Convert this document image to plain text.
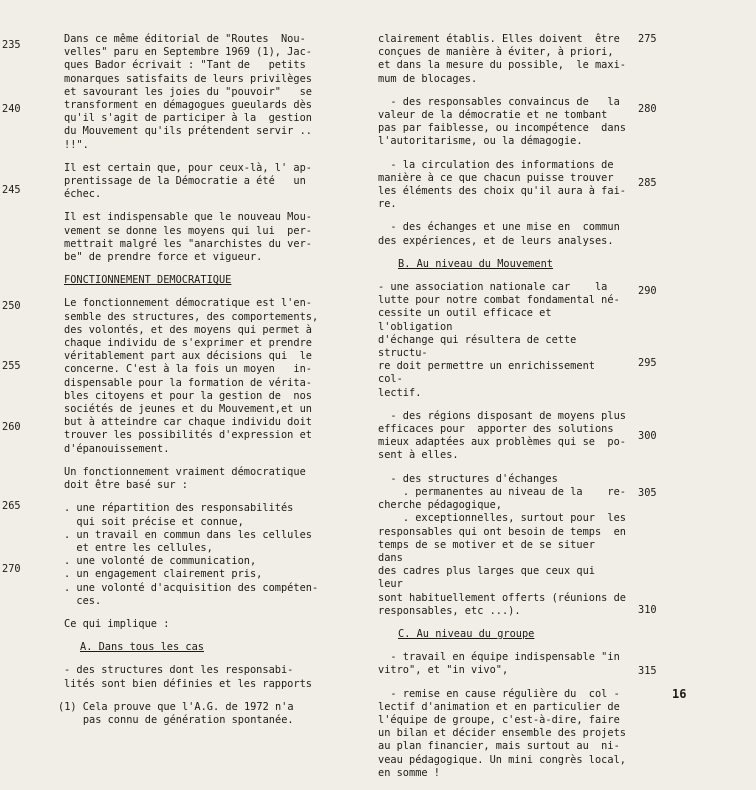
Dans ce même éditorial de "Routes  Nou-
velles" paru en Septembre 1969 (1), Jac-
ques Bador écrivait : "Tant de   petits
monarques satisfaits de leurs privilèges
et savourant les joies du "pouvoir"   se
transforment en démagogues gueulards dès
qu'il s'agit de participer à la  gestion
du Mouvement qu'ils prétendent servir ..
!!".

Il est certain que, pour ceux-là, l' ap-
prentissage de la Démocratie a été   un
échec.

Il est indispensable que le nouveau Mou-
vement se donne les moyens qui lui  per-
mettrait malgré les "anarchistes du ver-
be" de prendre force et vigueur.

FONCTIONNEMENT DEMOCRATIQUE

Le fonctionnement démocratique est l'en-
semble des structures, des comportements,
des volontés, et des moyens qui permet à
chaque individu de s'exprimer et prendre
véritablement part aux décisions qui  le
concerne. C'est à la fois un moyen   in-
dispensable pour la formation de vérita-
bles citoyens et pour la gestion de  nos
sociétés de jeunes et du Mouvement,et un
but à atteindre car chaque individu doit
trouver les possibilités d'expression et
d'épanouissement.

Un fonctionnement vraiment démocratique
doit être basé sur :

. une répartition des responsabilités
qui soit précise et connue,
. un travail en commun dans les cellules
et entre les cellules,
. une volonté de communication,
. un engagement clairement pris,
. une volonté d'acquisition des compéten-
ces.

Ce qui implique :

A. Dans tous les cas

- des structures dont les responsabi-
lités sont bien définies et les rapports

(1) Cela prouve que l'A.G. de 1972 n'a
pas connu de génération spontanée.

clairement établis. Elles doivent  être
conçues de manière à éviter, à priori,
et dans la mesure du possible,  le maxi-
mum de blocages.

- des responsables convaincus de   la
valeur de la démocratie et ne tombant
pas par faiblesse, ou incompétence  dans
l'autoritarisme, ou la démagogie.

- la circulation des informations de
manière à ce que chacun puisse trouver
les éléments des choix qu'il aura à fai-
re.

- des échanges et une mise en  commun
des expériences, et de leurs analyses.

B. Au niveau du Mouvement

- une association nationale car    la
lutte pour notre combat fondamental né-
cessite un outil efficace et l'obligation
d'échange qui résultera de cette structu-
re doit permettre un enrichissement  col-
lectif.

- des régions disposant de moyens plus
efficaces pour  apporter des solutions
mieux adaptées aux problèmes qui se  po-
sent à elles.

- des structures d'échanges
. permanentes au niveau de la    re-
cherche pédagogique,
. exceptionnelles, surtout pour  les
responsables qui ont besoin de temps  en
temps de se motiver et de se situer  dans
des cadres plus larges que ceux qui  leur
sont habituellement offerts (réunions de
responsables, etc ...).

C. Au niveau du groupe

- travail en équipe indispensable "in
vitro", et "in vivo",

- remise en cause régulière du  col -
lectif d'animation et en particulier de
l'équipe de groupe, c'est-à-dire, faire
un bilan et décider ensemble des projets
au plan financier, mais surtout au  ni-
veau pédagogique. Un mini congrès local,
en somme !

235
240
245
250
255
260
265
270
275
280
285
290
295
300
305
310
315
16
